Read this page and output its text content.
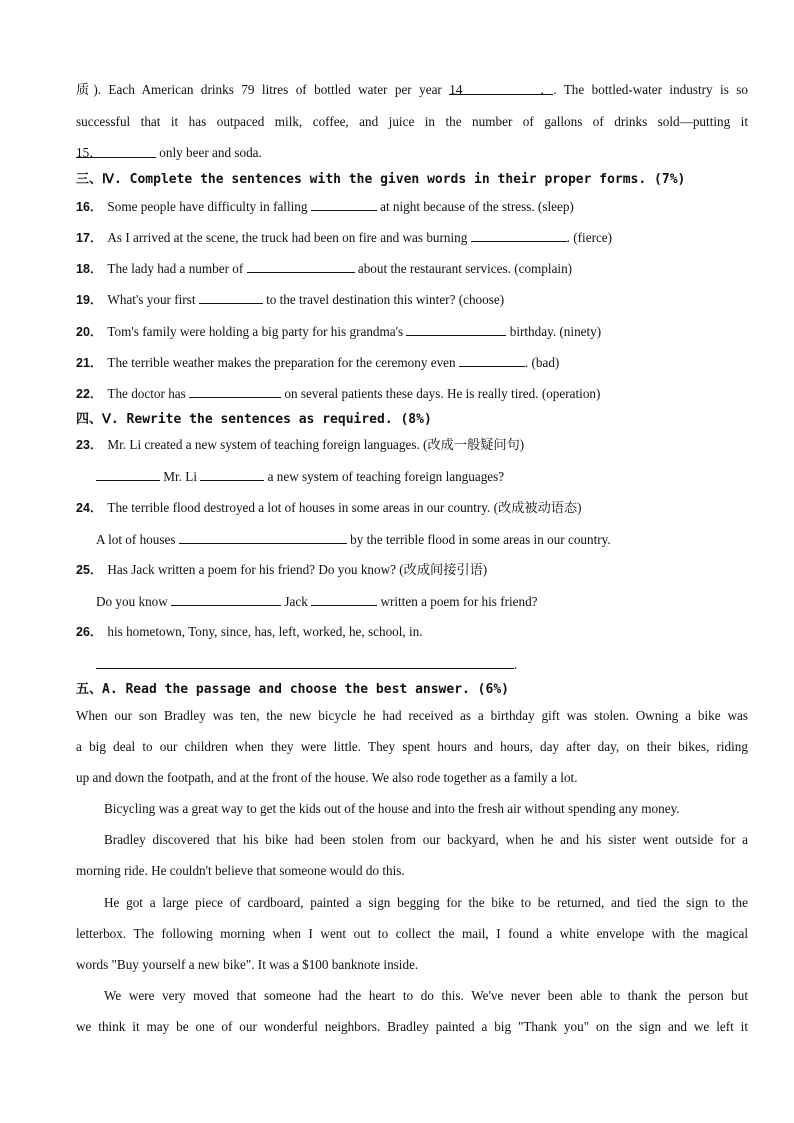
质). Each American drinks 79 litres of bottled water per year 14．. The bottled-water industry is so
successful that it has outpaced milk, coffee, and juice in the number of gallons of drinks sold—putting it
15．	only beer and soda.
三、Ⅳ. Complete the sentences with the given words in their proper forms. (7%)
16． Some people have difficulty in falling	at night because of the stress. (sleep)
17． As I arrived at the scene, the truck had been on fire and was burning	. (fierce)
18． The lady had a number of	about the restaurant services. (complain)
19． What's your first	to the travel destination this winter? (choose)
20． Tom's family were holding a big party for his grandma's	birthday. (ninety)
21． The terrible weather makes the preparation for the ceremony even	. (bad)
22． The doctor has	on several patients these days. He is really tired. (operation)
四、Ⅴ. Rewrite the sentences as required. (8%)
23． Mr. Li created a new system of teaching foreign languages. (改成一般疑问句)
Mr. Li	a new system of teaching foreign languages?
24． The terrible flood destroyed a lot of houses in some areas in our country. (改成被动语态)
A lot of houses	by the terrible flood in some areas in our country.
25． Has Jack written a poem for his friend? Do you know? (改成间接引语)
Do you know	Jack	written a poem for his friend?
26． his hometown, Tony, since, has, left, worked, he, school, in.
.
五、A. Read the passage and choose the best answer. (6%)
When our son Bradley was ten, the new bicycle he had received as a birthday gift was stolen. Owning a bike was
a big deal to our children when they were little. They spent hours and hours, day after day, on their bikes, riding
up and down the footpath, and at the front of the house. We also rode together as a family a lot.
Bicycling was a great way to get the kids out of the house and into the fresh air without spending any money.
Bradley discovered that his bike had been stolen from our backyard, when he and his sister went outside for a
morning ride. He couldn't believe that someone would do this.
He got a large piece of cardboard, painted a sign begging for the bike to be returned, and tied the sign to the
letterbox. The following morning when I went out to collect the mail, I found a white envelope with the magical
words "Buy yourself a new bike". It was a $100 banknote inside.
We were very moved that someone had the heart to do this. We've never been able to thank the person but
we think it may be one of our wonderful neighbors. Bradley painted a big "Thank you" on the sign and we left it
